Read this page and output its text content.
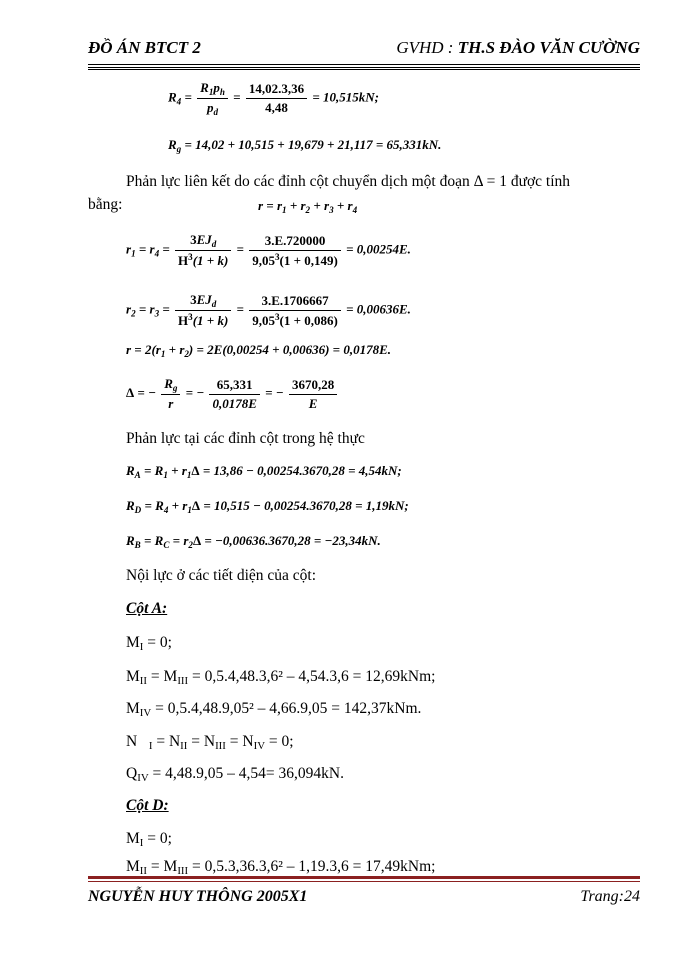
ĐỒ ÁN BTCT 2	GVHD : TH.S ĐÀO VĂN CƯỜNG
$R_4 = \frac{R_1p_h}{p_d} = \frac{14,02.3,36}{4,48} = 10,515kN$;
$R_g = 14,02 + 10,515 + 19,679 + 21,117 = 65,331kN$.
Phản lực liên kết do các đỉnh cột chuyển dịch một đoạn Δ = 1 được tính
bằng:	$r = r_1 + r_2 + r_3 + r_4$
$r_1 = r_4 = \frac{3EJ_d}{H^3(1 + k)} = \frac{3.E.720000}{9,05^3(1 + 0,149)} = 0,00254E$.
$r_2 = r_3 = \frac{3EJ_d}{H^3(1 + k)} = \frac{3.E.1706667}{9,05^3(1 + 0,086)} = 0,00636E$.
$r = 2(r_1 + r_2) = 2E(0,00254 + 0,00636) = 0,0178E$.
Δ = − $\frac{R_g}{r}$ = − $\frac{65,331}{0,0178E}$ = − $\frac{3670,28}{E}$
Phản lực tại các đỉnh cột trong hệ thực
$R_A = R_1 + r_1\Delta = 13,86 - 0,00254.3670,28 = 4,54kN$;
$R_D = R_4 + r_1\Delta = 10,515 - 0,00254.3670,28 = 1,19kN$;
$R_B = R_C = r_2\Delta = -0,00636.3670,28 = -23,34kN$.
Nội lực ở các tiết diện của cột:
Cột A:
$M_I = 0$;
$M_{II} = M_{III} = 0,5.4,48.3,6^2 - 4,54.3,6 = 12,69kNm$;
$M_{IV} = 0,5.4,48.9,05^2 - 4,66.9,05 = 142,37kNm$.
N   $_I = N_{II} = N_{III} = N_{IV} = 0$;
$Q_{IV} = 4,48.9,05 - 4,54= 36,094kN$.
Cột D:
$M_I = 0$;
$M_{II} = M_{III} = 0,5.3,36.3,6^2 - 1,19.3,6 = 17,49kNm$;
NGUYỄN HUY THÔNG 2005X1	Trang:24
